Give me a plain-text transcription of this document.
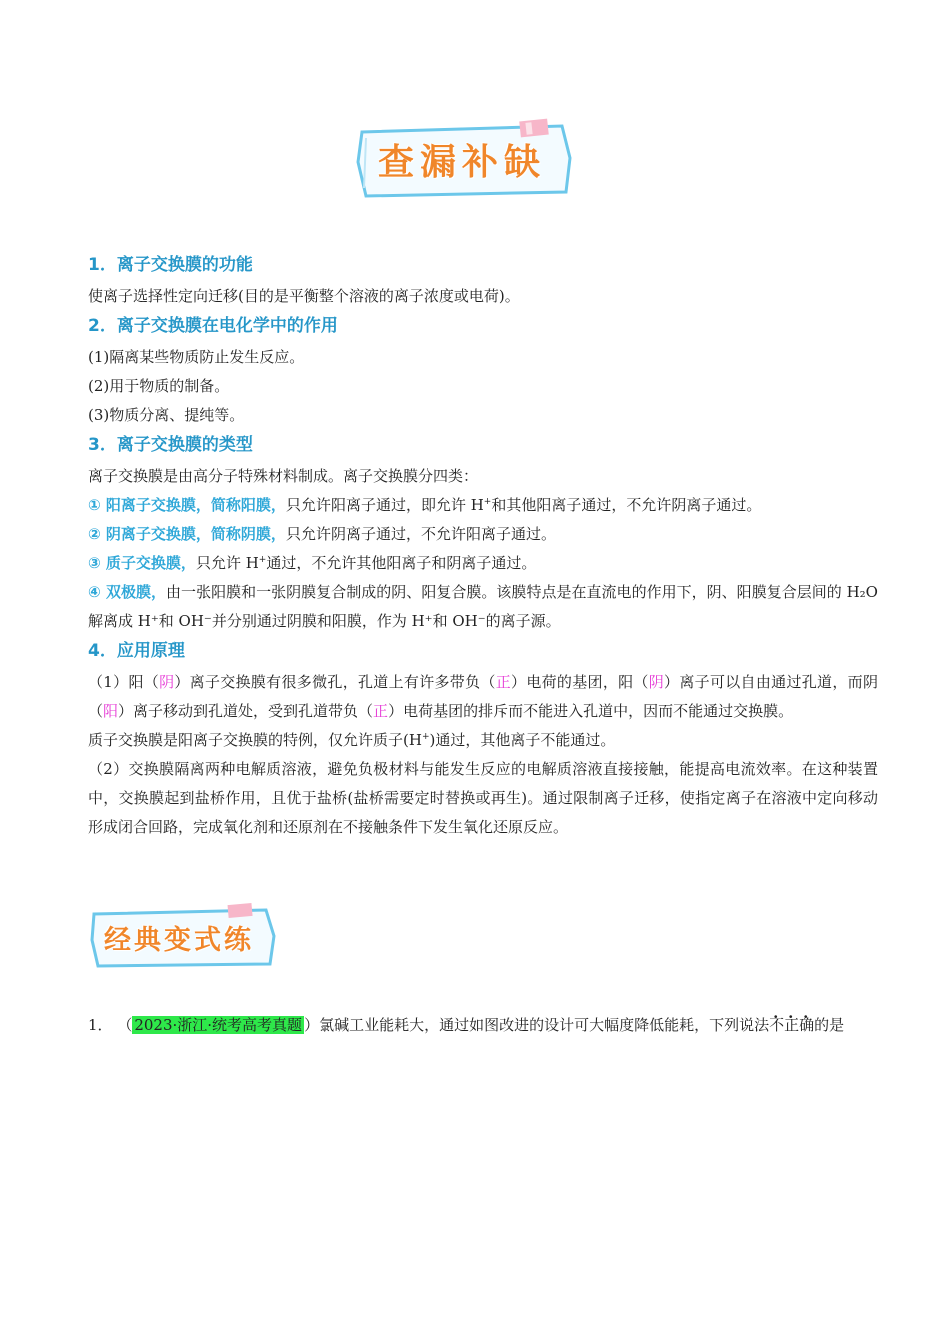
查漏补缺
1．离子交换膜的功能

使离子选择性定向迁移(目的是平衡整个溶液的离子浓度或电荷)。

2．离子交换膜在电化学中的作用

(1)隔离某些物质防止发生反应。

(2)用于物质的制备。

(3)物质分离、提纯等。

3．离子交换膜的类型

离子交换膜是由高分子特殊材料制成。离子交换膜分四类：

① 阳离子交换膜，简称阳膜，只允许阳离子通过，即允许 H+和其他阳离子通过，不允许阴离子通过。

② 阴离子交换膜，简称阴膜，只允许阴离子通过，不允许阳离子通过。

③ 质子交换膜，只允许 H+通过，不允许其他阳离子和阴离子通过。

④ 双极膜，由一张阳膜和一张阴膜复合制成的阴、阳复合膜。该膜特点是在直流电的作用下，阴、阳膜复合层间的 H₂O 解离成 H⁺和 OH⁻并分别通过阴膜和阳膜，作为 H⁺和 OH⁻的离子源。

4．应用原理

（1）阳（阴）离子交换膜有很多微孔，孔道上有许多带负（正）电荷的基团，阳（阴）离子可以自由通过孔道，而阴（阳）离子移动到孔道处，受到孔道带负（正）电荷基团的排斥而不能进入孔道中，因而不能通过交换膜。

质子交换膜是阳离子交换膜的特例，仅允许质子(H+)通过，其他离子不能通过。

（2）交换膜隔离两种电解质溶液，避免负极材料与能发生反应的电解质溶液直接接触，能提高电流效率。在这种装置中，交换膜起到盐桥作用，且优于盐桥(盐桥需要定时替换或再生)。通过限制离子迁移，使指定离子在溶液中定向移动形成闭合回路，完成氧化剂和还原剂在不接触条件下发生氧化还原反应。

经典变式练
1． （ 2023·浙江·统考高考真题 ）氯碱工业能耗大，通过如图改进的设计可大幅度降低能耗，下列说法不正确的是
